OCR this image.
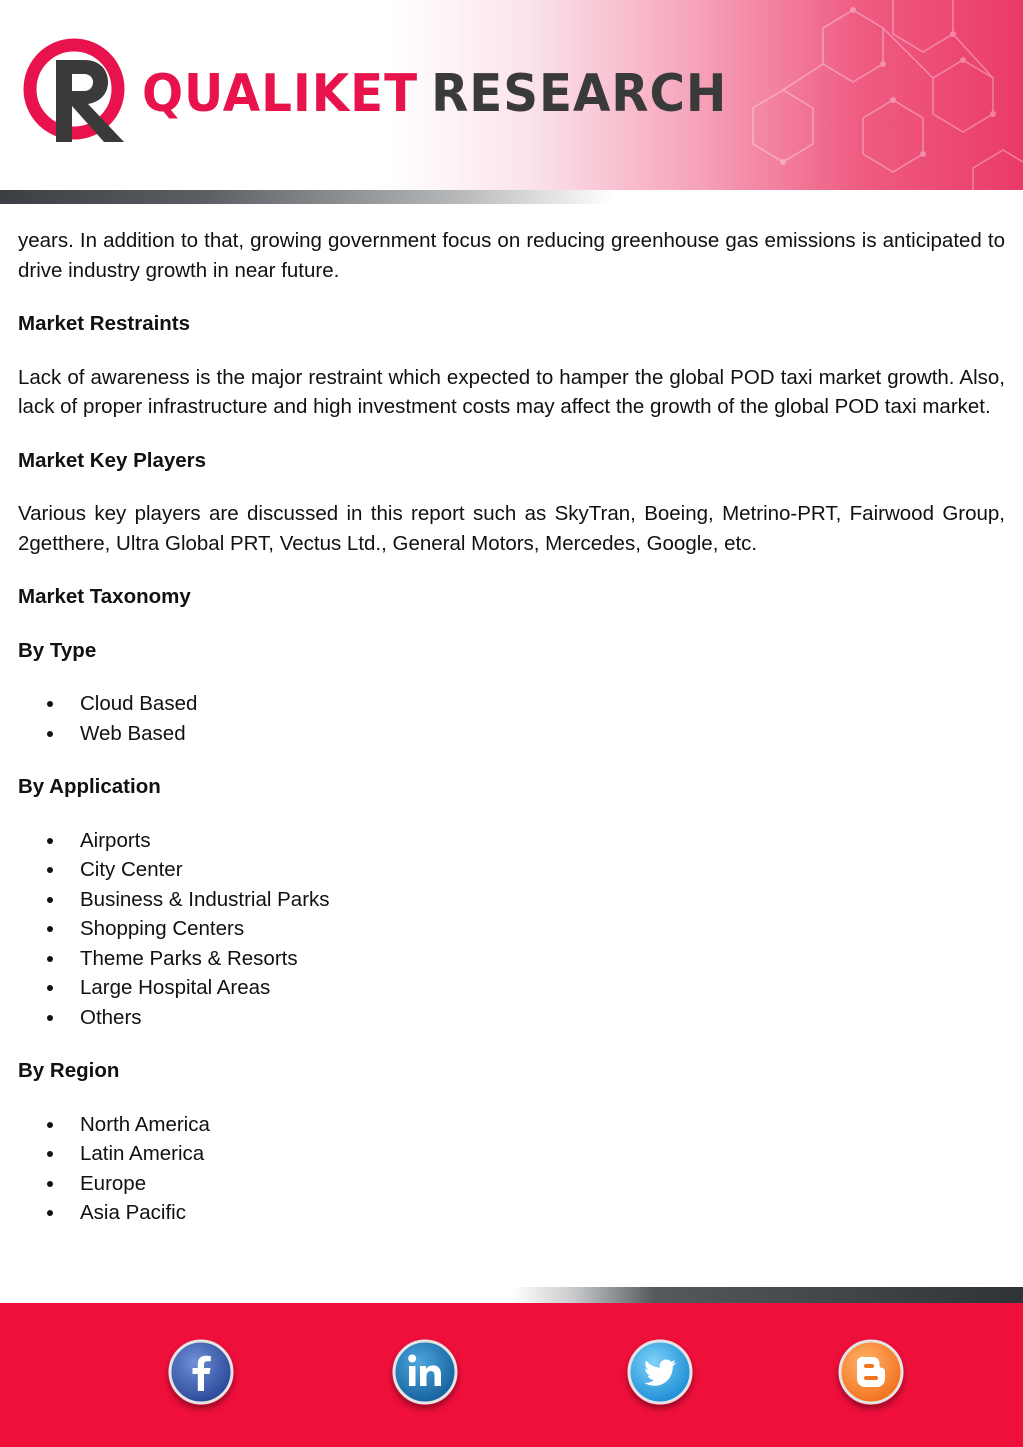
QUALIKET RESEARCH

years. In addition to that, growing government focus on reducing greenhouse gas emissions is anticipated to drive industry growth in near future.

Market Restraints

Lack of awareness is the major restraint which expected to hamper the global POD taxi market growth. Also, lack of proper infrastructure and high investment costs may affect the growth of the global POD taxi market.

Market Key Players

Various key players are discussed in this report such as SkyTran, Boeing, Metrino-PRT, Fairwood Group, 2getthere, Ultra Global PRT, Vectus Ltd., General Motors, Mercedes, Google, etc.

Market Taxonomy

By Type

Cloud Based
Web Based

By Application

Airports
City Center
Business & Industrial Parks
Shopping Centers
Theme Parks & Resorts
Large Hospital Areas
Others

By Region

North America
Latin America
Europe
Asia Pacific
